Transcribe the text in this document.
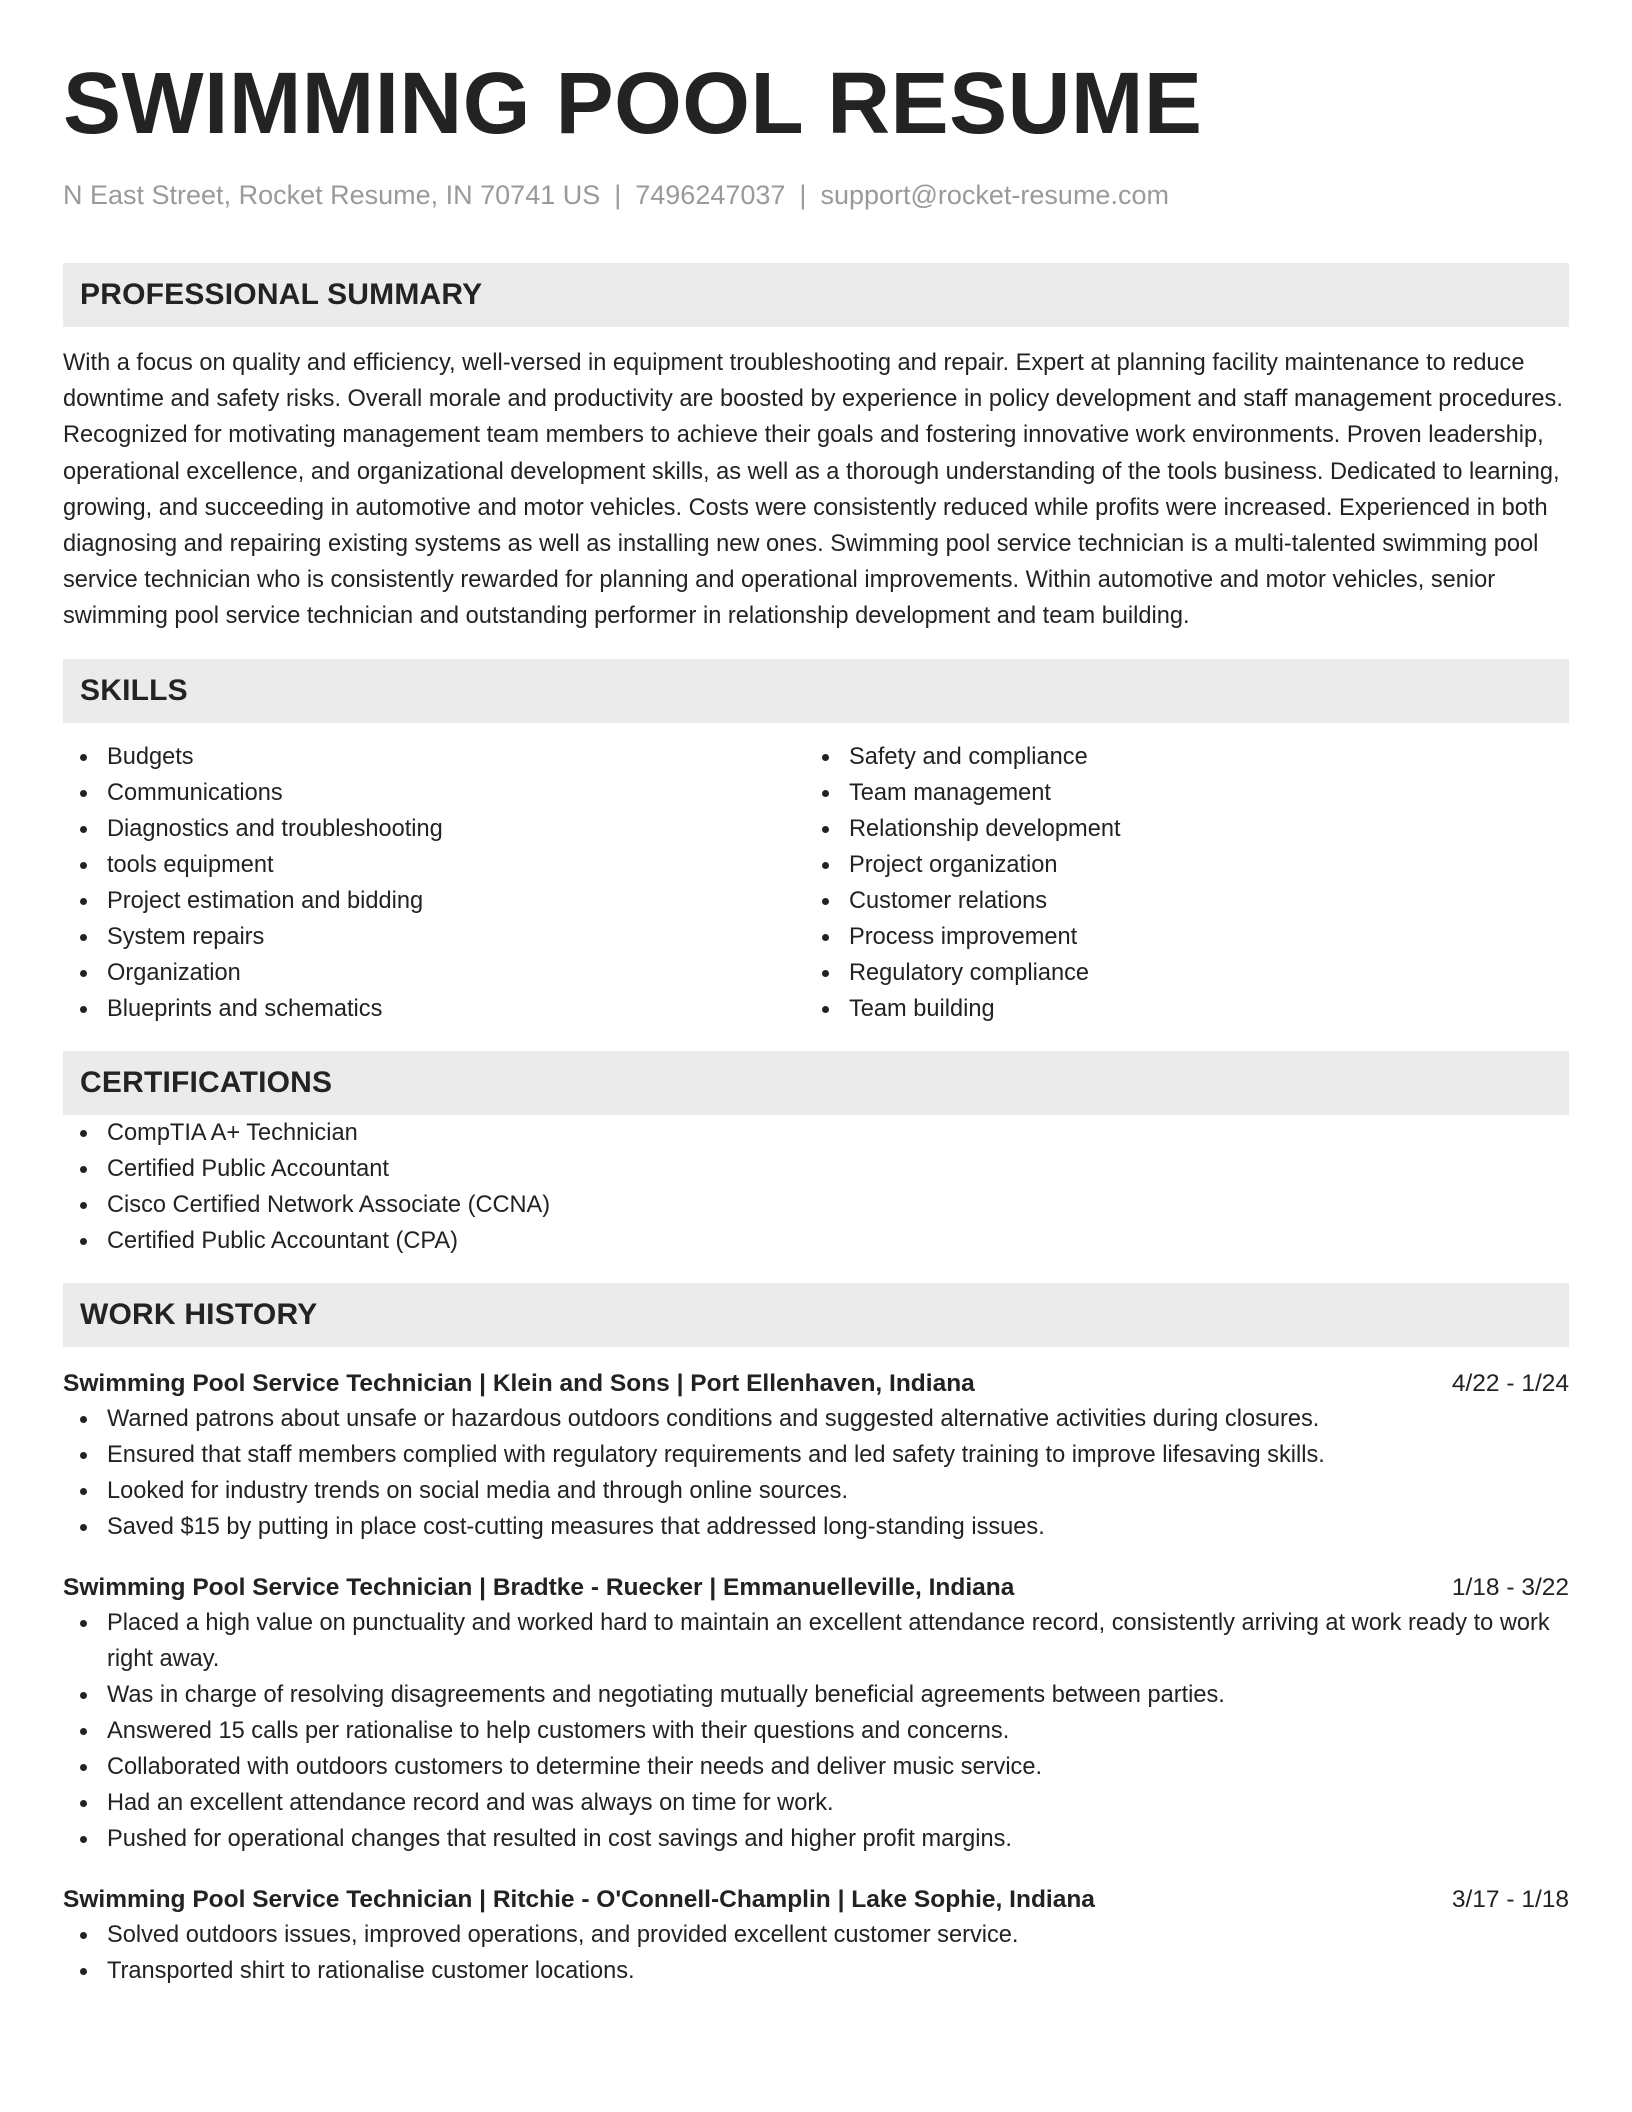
SWIMMING POOL RESUME
N East Street, Rocket Resume, IN 70741 US | 7496247037 | support@rocket-resume.com
PROFESSIONAL SUMMARY

With a focus on quality and efficiency, well-versed in equipment troubleshooting and repair. Expert at planning facility maintenance to reduce downtime and safety risks. Overall morale and productivity are boosted by experience in policy development and staff management procedures. Recognized for motivating management team members to achieve their goals and fostering innovative work environments. Proven leadership, operational excellence, and organizational development skills, as well as a thorough understanding of the tools business. Dedicated to learning, growing, and succeeding in automotive and motor vehicles. Costs were consistently reduced while profits were increased. Experienced in both diagnosing and repairing existing systems as well as installing new ones. Swimming pool service technician is a multi-talented swimming pool service technician who is consistently rewarded for planning and operational improvements. Within automotive and motor vehicles, senior swimming pool service technician and outstanding performer in relationship development and team building.

SKILLS
Budgets
Communications
Diagnostics and troubleshooting
tools equipment
Project estimation and bidding
System repairs
Organization
Blueprints and schematics
Safety and compliance
Team management
Relationship development
Project organization
Customer relations
Process improvement
Regulatory compliance
Team building
CERTIFICATIONS
CompTIA A+ Technician
Certified Public Accountant
Cisco Certified Network Associate (CCNA)
Certified Public Accountant (CPA)
WORK HISTORY
Swimming Pool Service Technician | Klein and Sons | Port Ellenhaven, Indiana	4/22 - 1/24
Warned patrons about unsafe or hazardous outdoors conditions and suggested alternative activities during closures.
Ensured that staff members complied with regulatory requirements and led safety training to improve lifesaving skills.
Looked for industry trends on social media and through online sources.
Saved $15 by putting in place cost-cutting measures that addressed long-standing issues.
Swimming Pool Service Technician | Bradtke - Ruecker | Emmanuelleville, Indiana	1/18 - 3/22
Placed a high value on punctuality and worked hard to maintain an excellent attendance record, consistently arriving at work ready to work right away.
Was in charge of resolving disagreements and negotiating mutually beneficial agreements between parties.
Answered 15 calls per rationalise to help customers with their questions and concerns.
Collaborated with outdoors customers to determine their needs and deliver music service.
Had an excellent attendance record and was always on time for work.
Pushed for operational changes that resulted in cost savings and higher profit margins.
Swimming Pool Service Technician | Ritchie - O'Connell-Champlin | Lake Sophie, Indiana	3/17 - 1/18
Solved outdoors issues, improved operations, and provided excellent customer service.
Transported shirt to rationalise customer locations.
